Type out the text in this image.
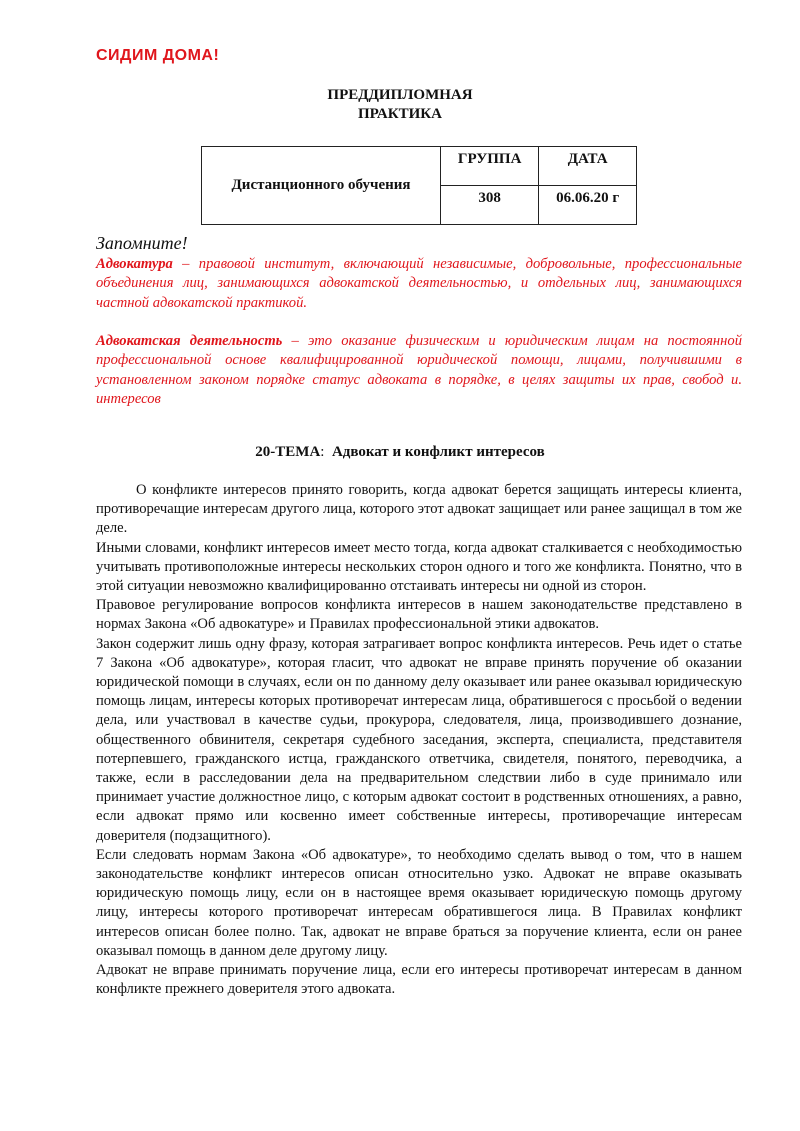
СИДИМ ДОМА!
ПРЕДДИПЛОМНАЯ
ПРАКТИКА
Дистанционного обучения	ГРУППА	ДАТА
	308	06.06.20 г
Запомните!
Адвокатура – правовой институт, включающий независимые, добровольные, профессиональные объединения лиц, занимающихся адвокатской деятельностью, и отдельных лиц, занимающихся частной адвокатской практикой.
Адвокатская деятельность – это оказание физическим и юридическим лицам на постоянной профессиональной основе квалифицированной юридической помощи, лицами, получившими в установленном законом порядке статус адвоката в порядке, в целях защиты их прав, свобод и. интересов
20-ТЕМА: Адвокат и конфликт интересов

О конфликте интересов принято говорить, когда адвокат берется защищать интересы клиента, противоречащие интересам другого лица, которого этот адвокат защищает или ранее защищал в том же деле.

Иными словами, конфликт интересов имеет место тогда, когда адвокат сталкивается с необходимостью учитывать противоположные интересы нескольких сторон одного и того же конфликта. Понятно, что в этой ситуации невозможно квалифицированно отстаивать интересы ни одной из сторон.

Правовое регулирование вопросов конфликта интересов в нашем законодательстве представлено в нормах Закона «Об адвокатуре» и Правилах профессиональной этики адвокатов.

Закон содержит лишь одну фразу, которая затрагивает вопрос конфликта интересов. Речь идет о статье 7 Закона «Об адвокатуре», которая гласит, что адвокат не вправе принять поручение об оказании юридической помощи в случаях, если он по данному делу оказывает или ранее оказывал юридическую помощь лицам, интересы которых противоречат интересам лица, обратившегося с просьбой о ведении дела, или участвовал в качестве судьи, прокурора, следователя, лица, производившего дознание, общественного обвинителя, секретаря судебного заседания, эксперта, специалиста, представителя потерпевшего, гражданского истца, гражданского ответчика, свидетеля, понятого, переводчика, а также, если в расследовании дела на предварительном следствии либо в суде принимало или принимает участие должностное лицо, с которым адвокат состоит в родственных отношениях, а равно, если адвокат прямо или косвенно имеет собственные интересы, противоречащие интересам доверителя (подзащитного).

Если следовать нормам Закона «Об адвокатуре», то необходимо сделать вывод о том, что в нашем законодательстве конфликт интересов описан относительно узко. Адвокат не вправе оказывать юридическую помощь лицу, если он в настоящее время оказывает юридическую помощь другому лицу, интересы которого противоречат интересам обратившегося лица. В Правилах конфликт интересов описан более полно. Так, адвокат не вправе браться за поручение клиента, если он ранее оказывал помощь в данном деле другому лицу.

Адвокат не вправе принимать поручение лица, если его интересы противоречат интересам в данном конфликте прежнего доверителя этого адвоката.
